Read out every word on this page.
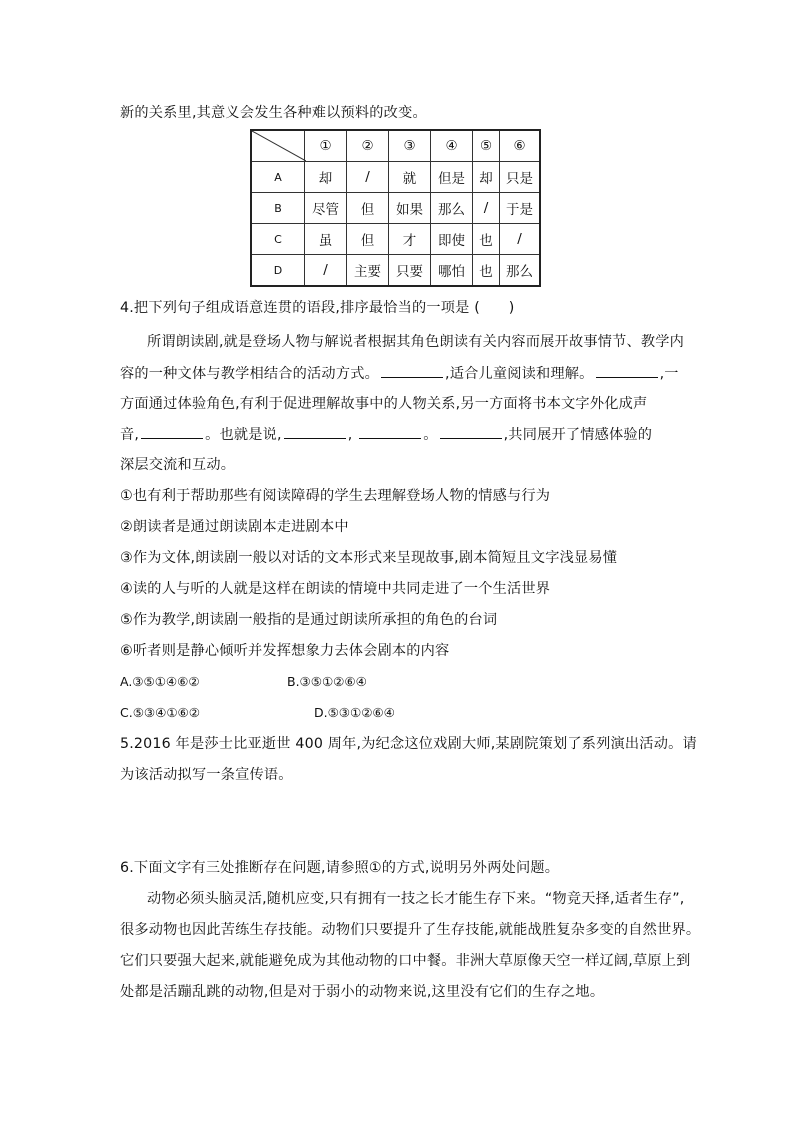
新的关系里,其意义会发生各种难以预料的改变。
	①	②	③	④	⑤	⑥
A	却	/	就	但是	却	只是
B	尽管	但	如果	那么	/	于是
C	虽	但	才	即使	也	/
D	/	主要	只要	哪怕	也	那么
4.把下列句子组成语意连贯的语段,排序最恰当的一项是 (　　)
所谓朗读剧,就是登场人物与解说者根据其角色朗读有关内容而展开故事情节、教学内
容的一种文体与教学相结合的活动方式。	,适合儿童阅读和理解。	,一
方面通过体验角色,有利于促进理解故事中的人物关系,另一方面将书本文字外化成声
音,	。也就是说,	,	。	,共同展开了情感体验的
深层交流和互动。
①也有利于帮助那些有阅读障碍的学生去理解登场人物的情感与行为
②朗读者是通过朗读剧本走进剧本中
③作为文体,朗读剧一般以对话的文本形式来呈现故事,剧本简短且文字浅显易懂
④读的人与听的人就是这样在朗读的情境中共同走进了一个生活世界
⑤作为教学,朗读剧一般指的是通过朗读所承担的角色的台词
⑥听者则是静心倾听并发挥想象力去体会剧本的内容
A.③⑤①④⑥②	B.③⑤①②⑥④
C.⑤③④①⑥②	D.⑤③①②⑥④
5.2016 年是莎士比亚逝世 400 周年,为纪念这位戏剧大师,某剧院策划了系列演出活动。请
为该活动拟写一条宣传语。
6.下面文字有三处推断存在问题,请参照①的方式,说明另外两处问题。
动物必须头脑灵活,随机应变,只有拥有一技之长才能生存下来。“物竞天择,适者生存”,
很多动物也因此苦练生存技能。动物们只要提升了生存技能,就能战胜复杂多变的自然世界。
它们只要强大起来,就能避免成为其他动物的口中餐。非洲大草原像天空一样辽阔,草原上到
处都是活蹦乱跳的动物,但是对于弱小的动物来说,这里没有它们的生存之地。
